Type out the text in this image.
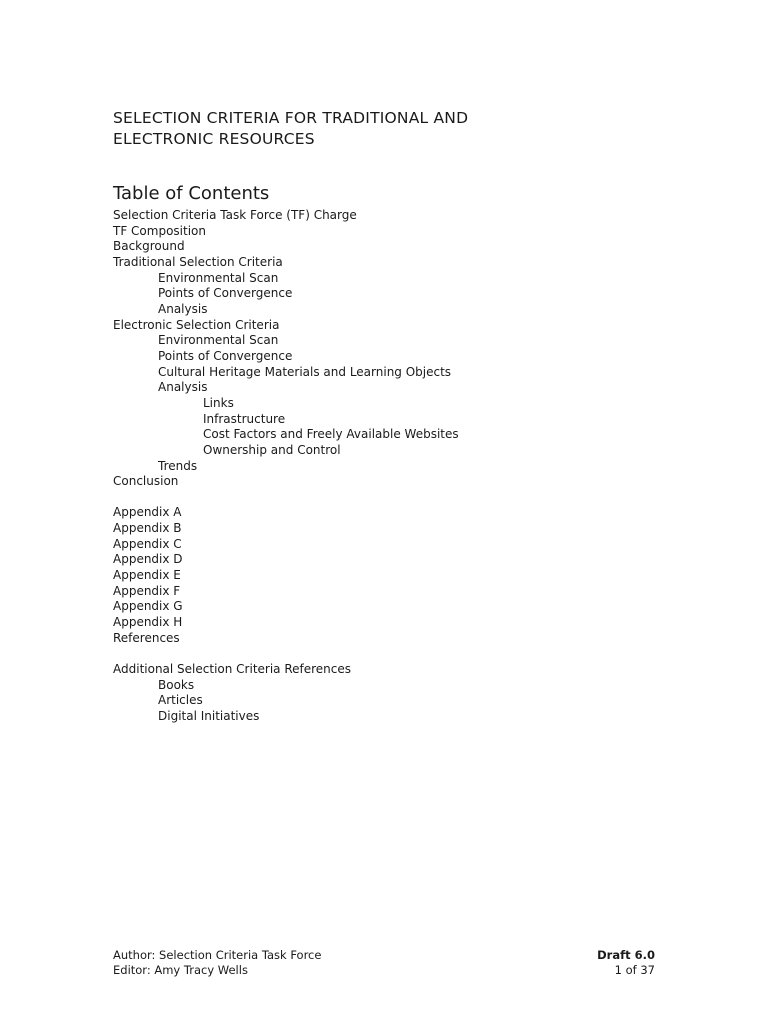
SELECTION CRITERIA FOR TRADITIONAL AND
ELECTRONIC RESOURCES
Table of Contents
Selection Criteria Task Force (TF) Charge
TF Composition
Background
Traditional Selection Criteria
Environmental Scan
Points of Convergence
Analysis
Electronic Selection Criteria
Environmental Scan
Points of Convergence
Cultural Heritage Materials and Learning Objects
Analysis
Links
Infrastructure
Cost Factors and Freely Available Websites
Ownership and Control
Trends
Conclusion
Appendix A
Appendix B
Appendix C
Appendix D
Appendix E
Appendix F
Appendix G
Appendix H
References
Additional Selection Criteria References
Books
Articles
Digital Initiatives
Author: Selection Criteria Task Force	Draft 6.0
Editor: Amy Tracy Wells	1 of 37
